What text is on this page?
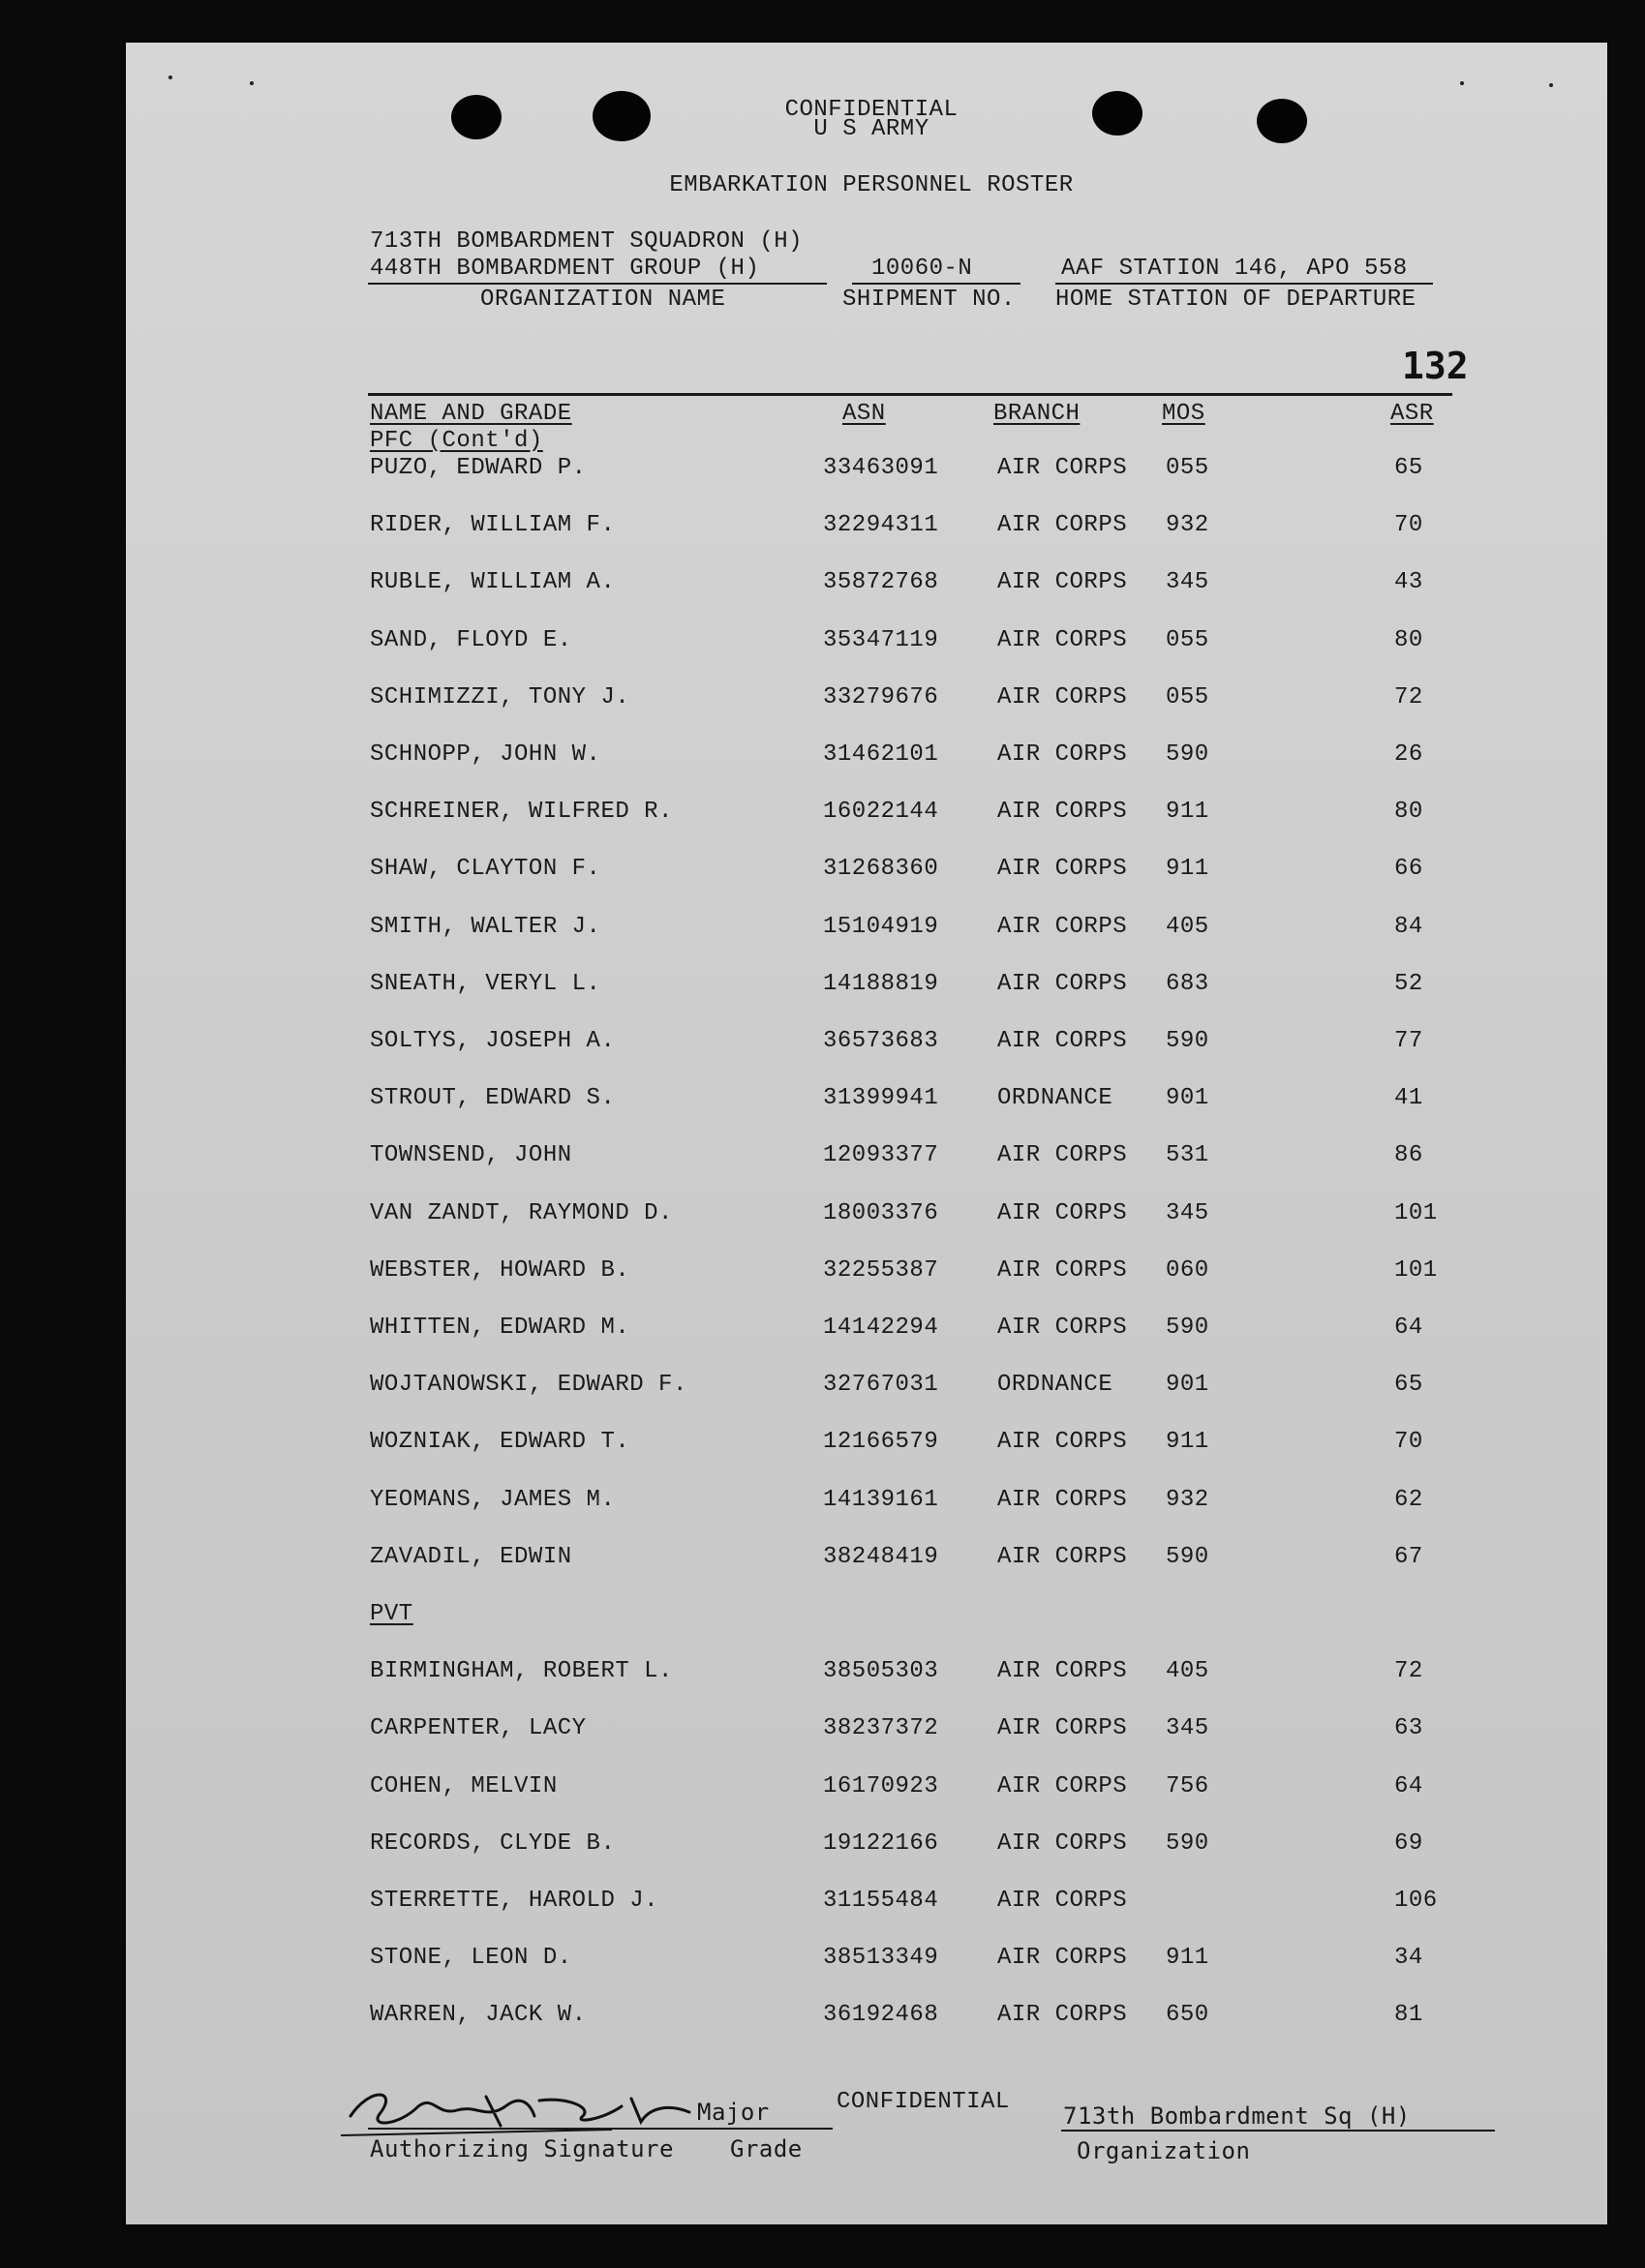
CONFIDENTIAL
U S ARMY
EMBARKATION PERSONNEL ROSTER
713TH BOMBARDMENT SQUADRON (H)
448TH BOMBARDMENT GROUP (H)	10060-N	AAF STATION 146, APO 558
ORGANIZATION NAME	SHIPMENT NO. HOME STATION OF DEPARTURE
132
NAME AND GRADE	ASN	BRANCH	MOS	ASR
PFC (Cont'd)
PUZO, EDWARD P.	33463091	AIR CORPS 055	65
RIDER, WILLIAM F.	32294311	AIR CORPS 932	70
RUBLE, WILLIAM A.	35872768	AIR CORPS 345	43
SAND, FLOYD E.	35347119	AIR CORPS 055	80
SCHIMIZZI, TONY J.	33279676	AIR CORPS 055	72
SCHNOPP, JOHN W.	31462101	AIR CORPS 590	26
SCHREINER, WILFRED R.	16022144	AIR CORPS 911	80
SHAW, CLAYTON F.	31268360	AIR CORPS 911	66
SMITH, WALTER J.	15104919	AIR CORPS 405	84
SNEATH, VERYL L.	14188819	AIR CORPS 683	52
SOLTYS, JOSEPH A.	36573683	AIR CORPS 590	77
STROUT, EDWARD S.	31399941	ORDNANCE 901	41
TOWNSEND, JOHN	12093377	AIR CORPS 531	86
VAN ZANDT, RAYMOND D.	18003376	AIR CORPS 345	101
WEBSTER, HOWARD B.	32255387	AIR CORPS 060	101
WHITTEN, EDWARD M.	14142294	AIR CORPS 590	64
WOJTANOWSKI, EDWARD F.	32767031	ORDNANCE 901	65
WOZNIAK, EDWARD T.	12166579	AIR CORPS 911	70
YEOMANS, JAMES M.	14139161	AIR CORPS 932	62
ZAVADIL, EDWIN	38248419	AIR CORPS 590	67
PVT
BIRMINGHAM, ROBERT L.	38505303	AIR CORPS 405	72
CARPENTER, LACY	38237372	AIR CORPS 345	63
COHEN, MELVIN	16170923	AIR CORPS 756	64
RECORDS, CLYDE B.	19122166	AIR CORPS 590	69
STERRETTE, HAROLD J.	31155484	AIR CORPS	106
STONE, LEON D.	38513349	AIR CORPS 911	34
WARREN, JACK W.	36192468	AIR CORPS 650	81
Major	CONFIDENTIAL
713th Bombardment Sq (H)
Authorizing Signature Grade	Organization
